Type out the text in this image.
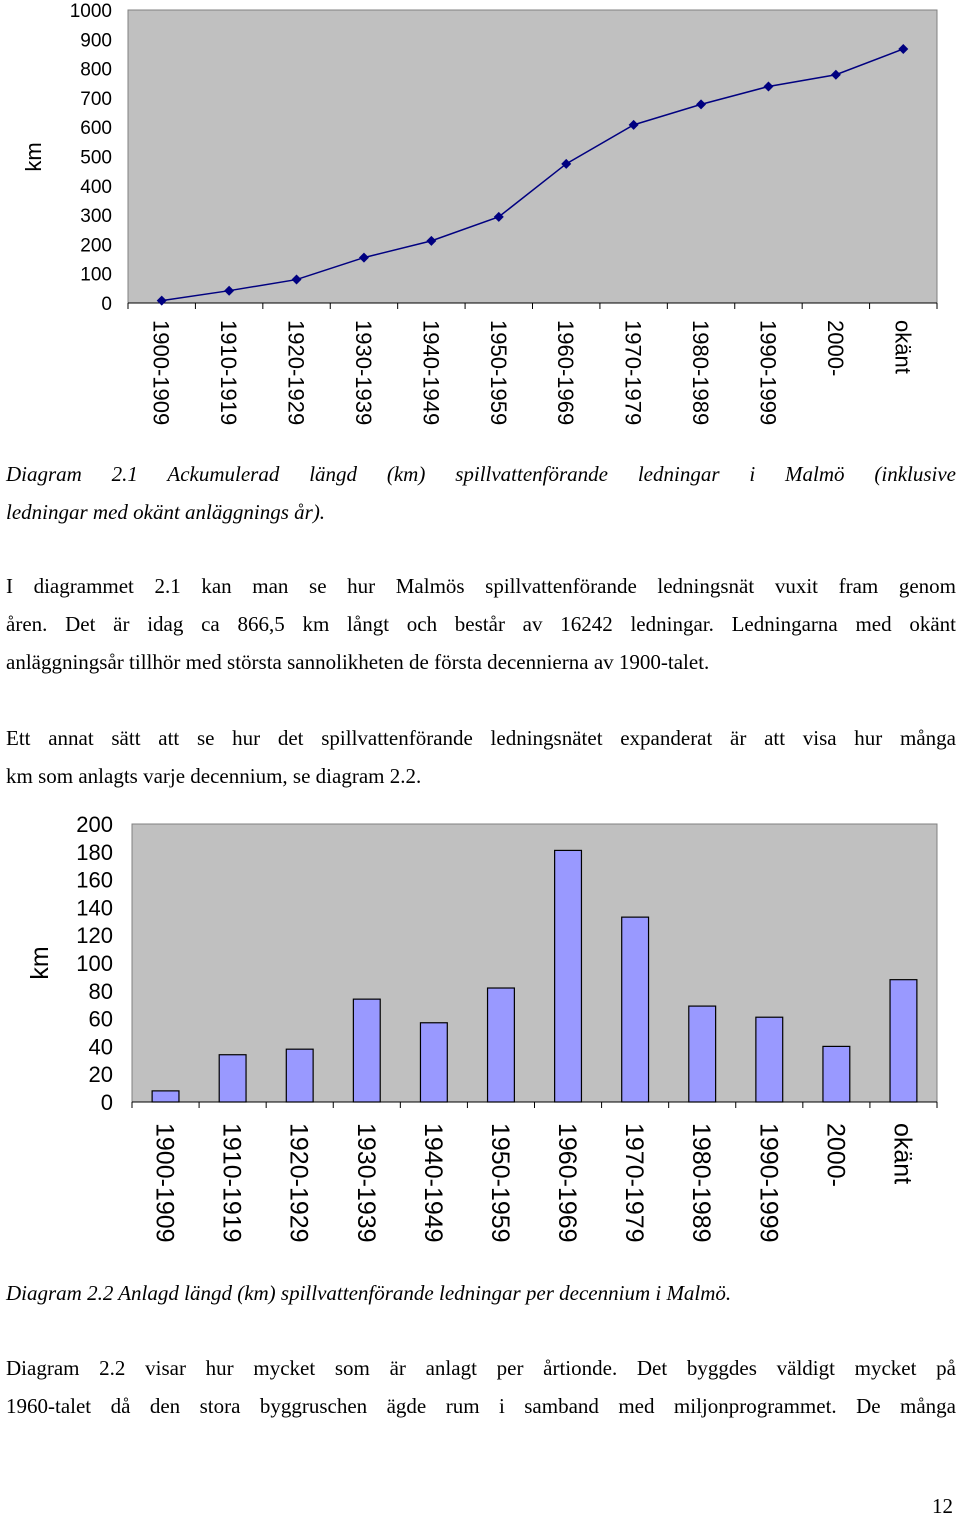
0
100
200
300
400
500
600
700
800
900
1000
1900-1909 1910-1919 1920-1929 1930-1939 1940-1949 1950-1959 1960-1969 1970-1979 1980-1989 1990-1999 2000- okänt
km

Diagram 2.1 Ackumulerad längd (km) spillvattenförande ledningar i Malmö (inklusive

ledningar med okänt anläggnings år).

I diagrammet 2.1 kan man se hur Malmös spillvattenförande ledningsnät vuxit fram genom

åren. Det är idag ca 866,5 km långt och består av 16242 ledningar. Ledningarna med okänt

anläggningsår tillhör med största sannolikheten de första decennierna av 1900-talet.

Ett annat sätt att se hur det spillvattenförande ledningsnätet expanderat är att visa hur många

km som anlagts varje decennium, se diagram 2.2.

0
20
40
60
80
100
120
140
160
180
200
1900-1909 1910-1919 1920-1929 1930-1939 1940-1949 1950-1959 1960-1969 1970-1979 1980-1989 1990-1999 2000- okänt
km

Diagram 2.2 Anlagd längd (km) spillvattenförande ledningar per decennium i Malmö.

Diagram 2.2 visar hur mycket som är anlagt per årtionde. Det byggdes väldigt mycket på

1960-talet då den stora byggruschen ägde rum i samband med miljonprogrammet. De många

12
